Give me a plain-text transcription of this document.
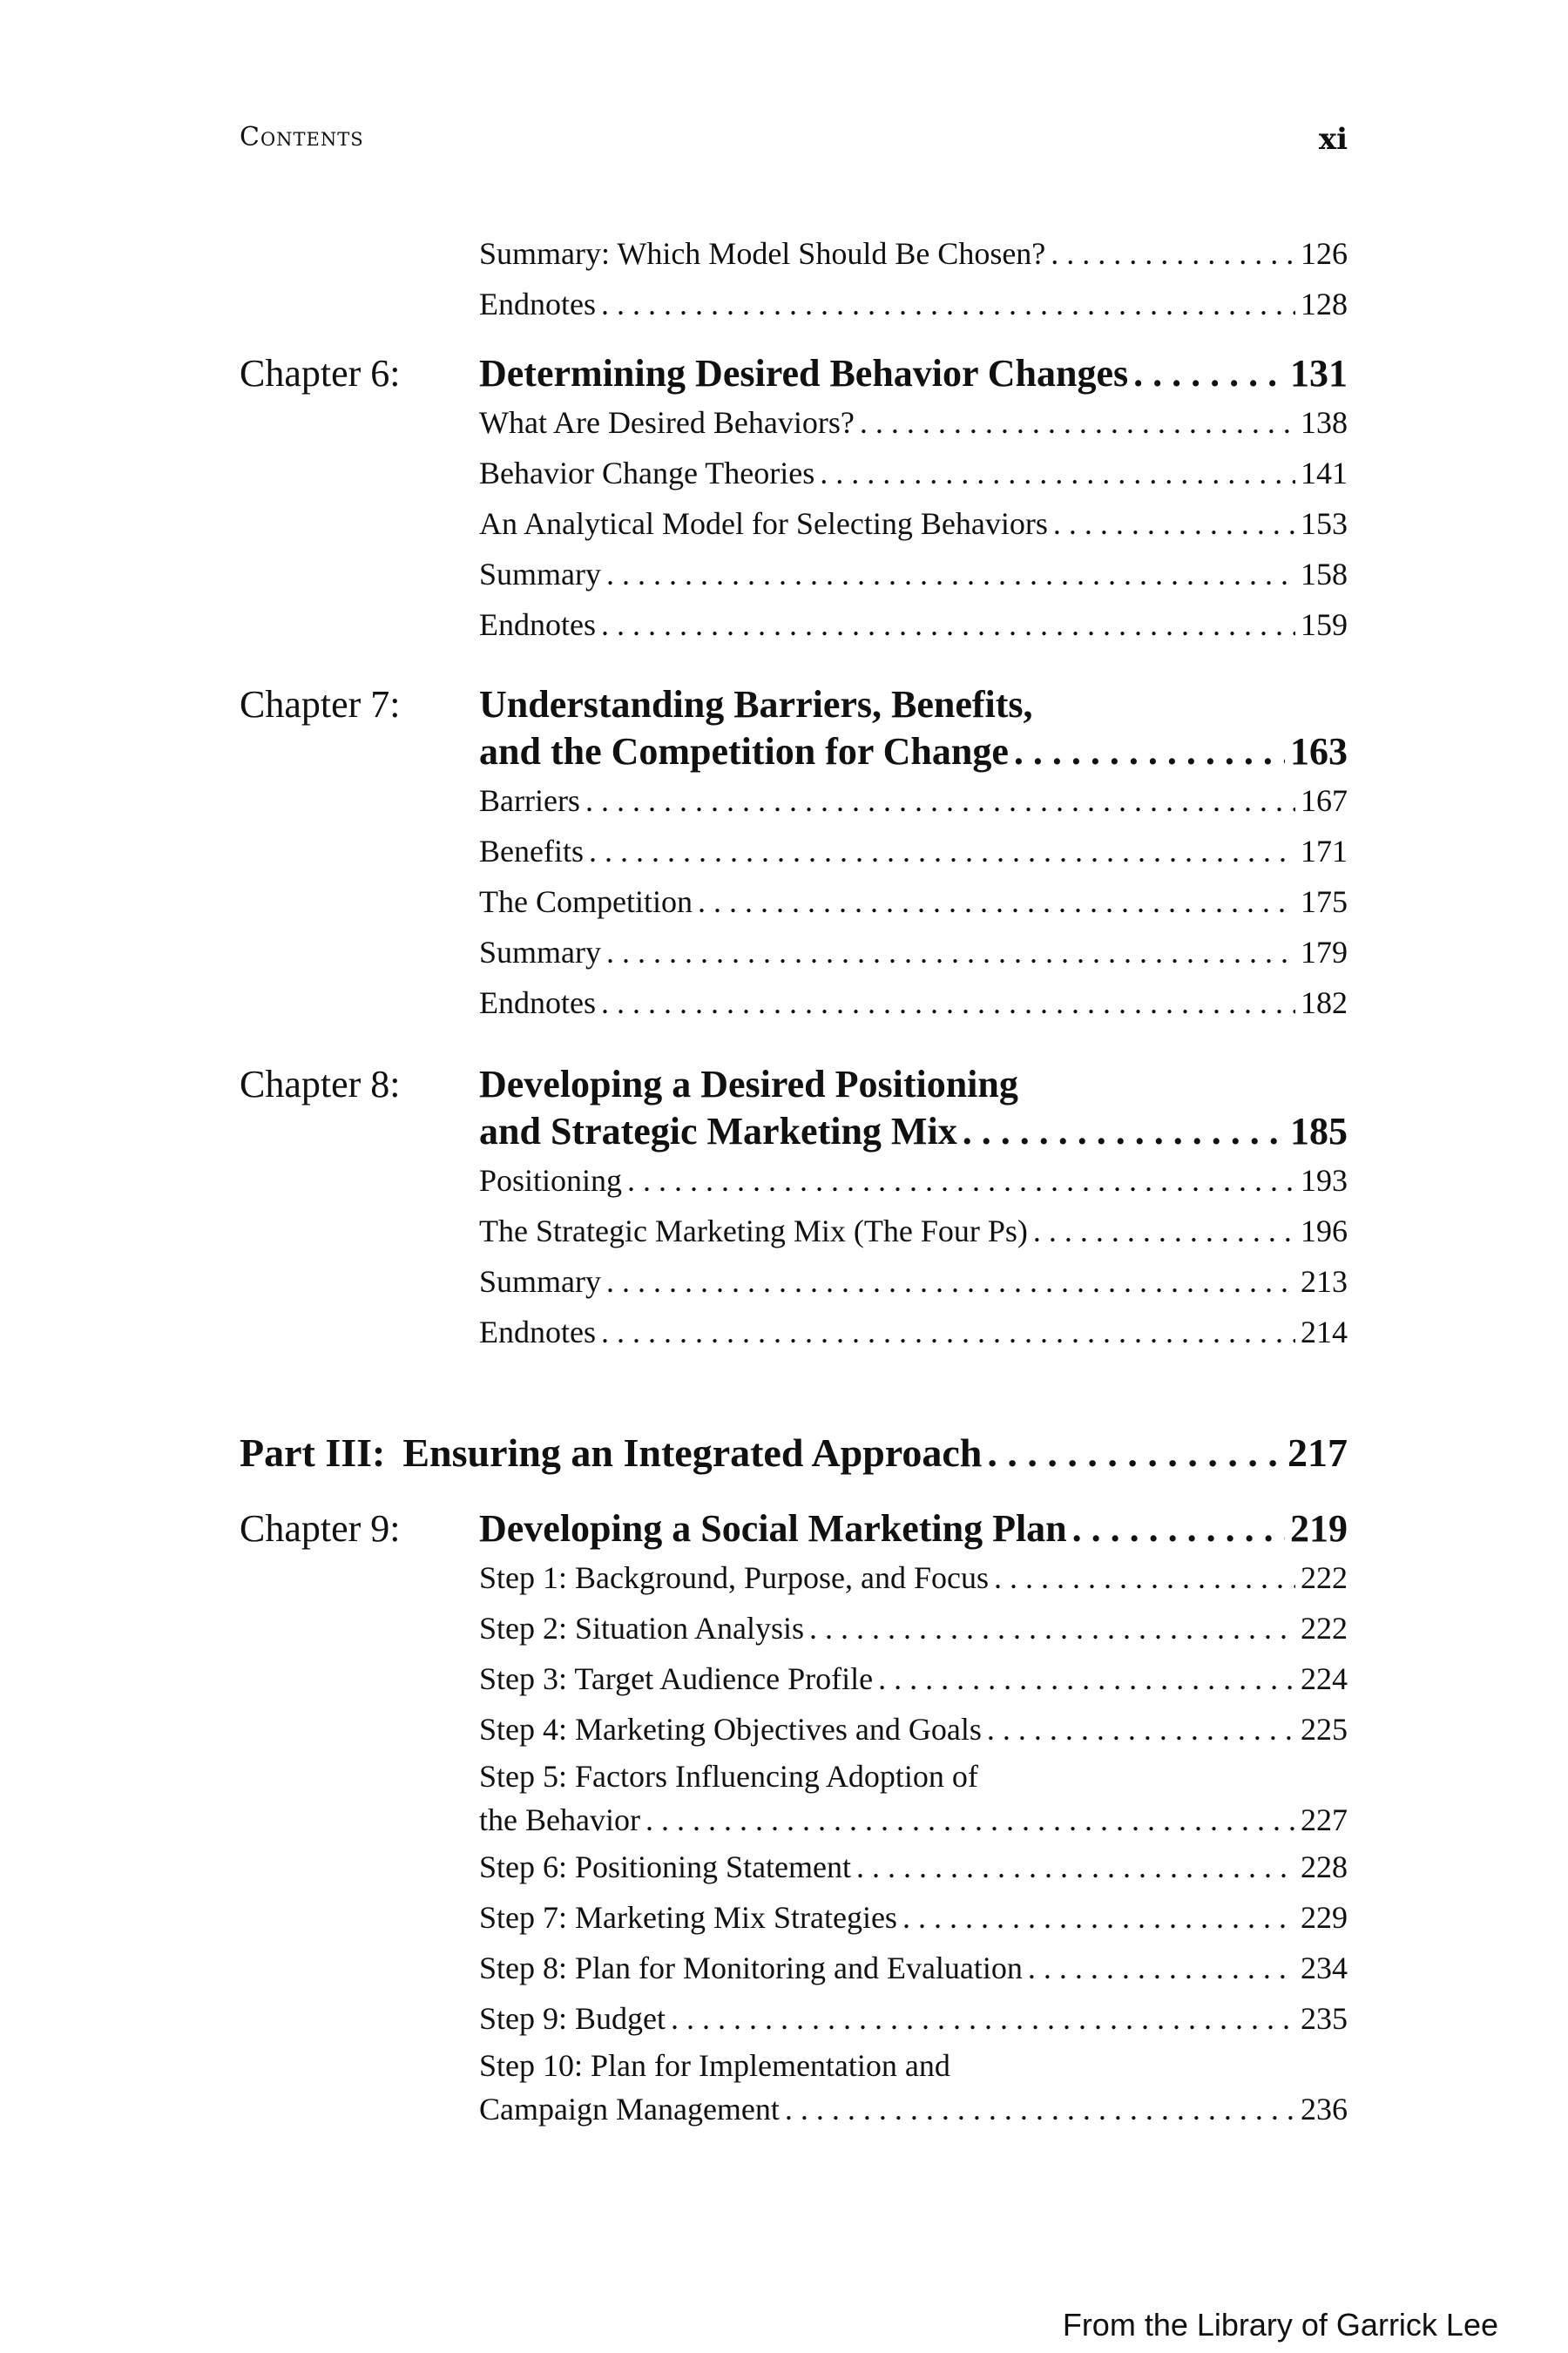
Contents	xi
Summary: Which Model Should Be Chosen? . . .	126
Endnotes . . .	128
Chapter 6: Determining Desired Behavior Changes . . .	131
What Are Desired Behaviors? . . .	138
Behavior Change Theories . . .	141
An Analytical Model for Selecting Behaviors . . .	153
Summary . . .	158
Endnotes . . .	159
Chapter 7: Understanding Barriers, Benefits,
and the Competition for Change . . .	163
Barriers . . .	167
Benefits . . .	171
The Competition . . .	175
Summary . . .	179
Endnotes . . .	182
Chapter 8: Developing a Desired Positioning
and Strategic Marketing Mix . . .	185
Positioning . . .	193
The Strategic Marketing Mix (The Four Ps) . . .	196
Summary . . .	213
Endnotes . . .	214
Part III: Ensuring an Integrated Approach . . .	217
Chapter 9: Developing a Social Marketing Plan . . .	219
Step 1: Background, Purpose, and Focus . . .	222
Step 2: Situation Analysis . . .	222
Step 3: Target Audience Profile . . .	224
Step 4: Marketing Objectives and Goals . . .	225
Step 5: Factors Influencing Adoption of
the Behavior . . .	227
Step 6: Positioning Statement . . .	228
Step 7: Marketing Mix Strategies . . .	229
Step 8: Plan for Monitoring and Evaluation . . .	234
Step 9: Budget . . .	235
Step 10: Plan for Implementation and
Campaign Management . . .	236
From the Library of Garrick Lee
